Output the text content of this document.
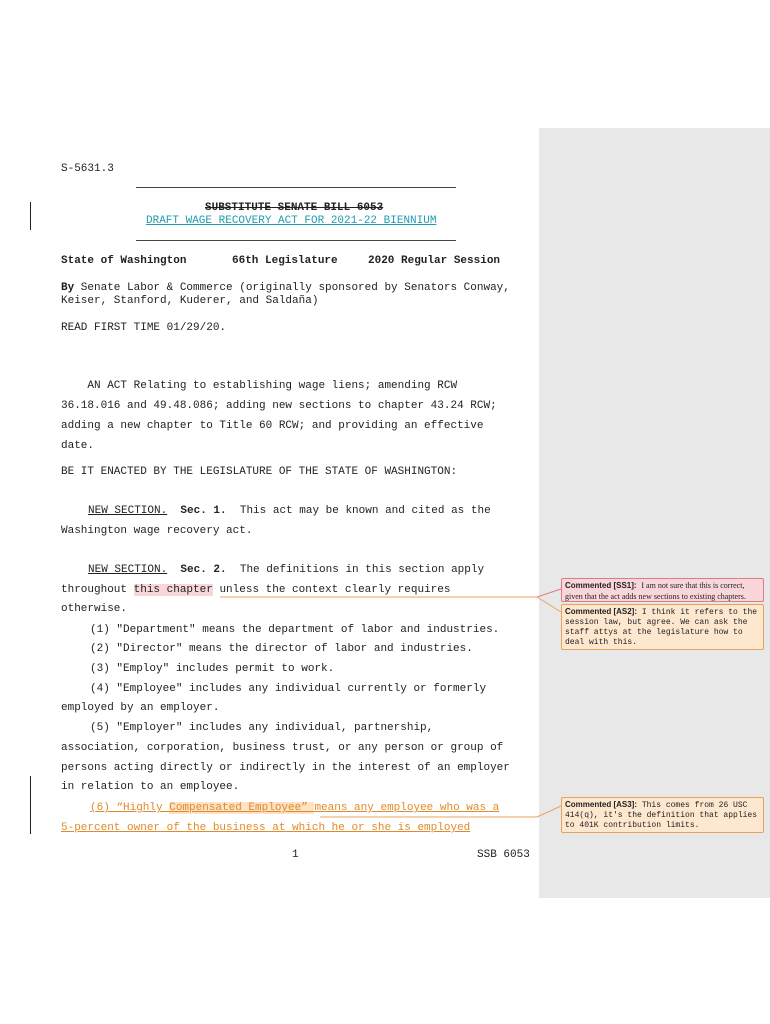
S-5631.3
SUBSTITUTE SENATE BILL 6053
DRAFT WAGE RECOVERY ACT FOR 2021-22 BIENNIUM
State of Washington	66th Legislature	2020 Regular Session
By Senate Labor & Commerce (originally sponsored by Senators Conway,
Keiser, Stanford, Kuderer, and Saldaña)
READ FIRST TIME 01/29/20.
AN ACT Relating to establishing wage liens; amending RCW
36.18.016 and 49.48.086; adding new sections to chapter 43.24 RCW;
adding a new chapter to Title 60 RCW; and providing an effective
date.
BE IT ENACTED BY THE LEGISLATURE OF THE STATE OF WASHINGTON:
NEW SECTION. Sec. 1.  This act may be known and cited as the
Washington wage recovery act.
NEW SECTION. Sec. 2.  The definitions in this section apply
throughout this chapter unless the context clearly requires
otherwise.
(1) "Department" means the department of labor and industries.
(2) "Director" means the director of labor and industries.
(3) "Employ" includes permit to work.
(4) "Employee" includes any individual currently or formerly
employed by an employer.
(5) "Employer" includes any individual, partnership,
association, corporation, business trust, or any person or group of
persons acting directly or indirectly in the interest of an employer
in relation to an employee.
(6) “Highly Compensated Employee” means any employee who was a
5-percent owner of the business at which he or she is employed
1	SSB 6053
Commented [SS1]: I am not sure that this is correct, given that the act adds new sections to existing chapters.
Commented [AS2]: I think it refers to the session law, but agree. We can ask the staff attys at the legislature how to deal with this.
Commented [AS3]: This comes from 26 USC 414(q), it's the definition that applies to 401K contribution limits.
